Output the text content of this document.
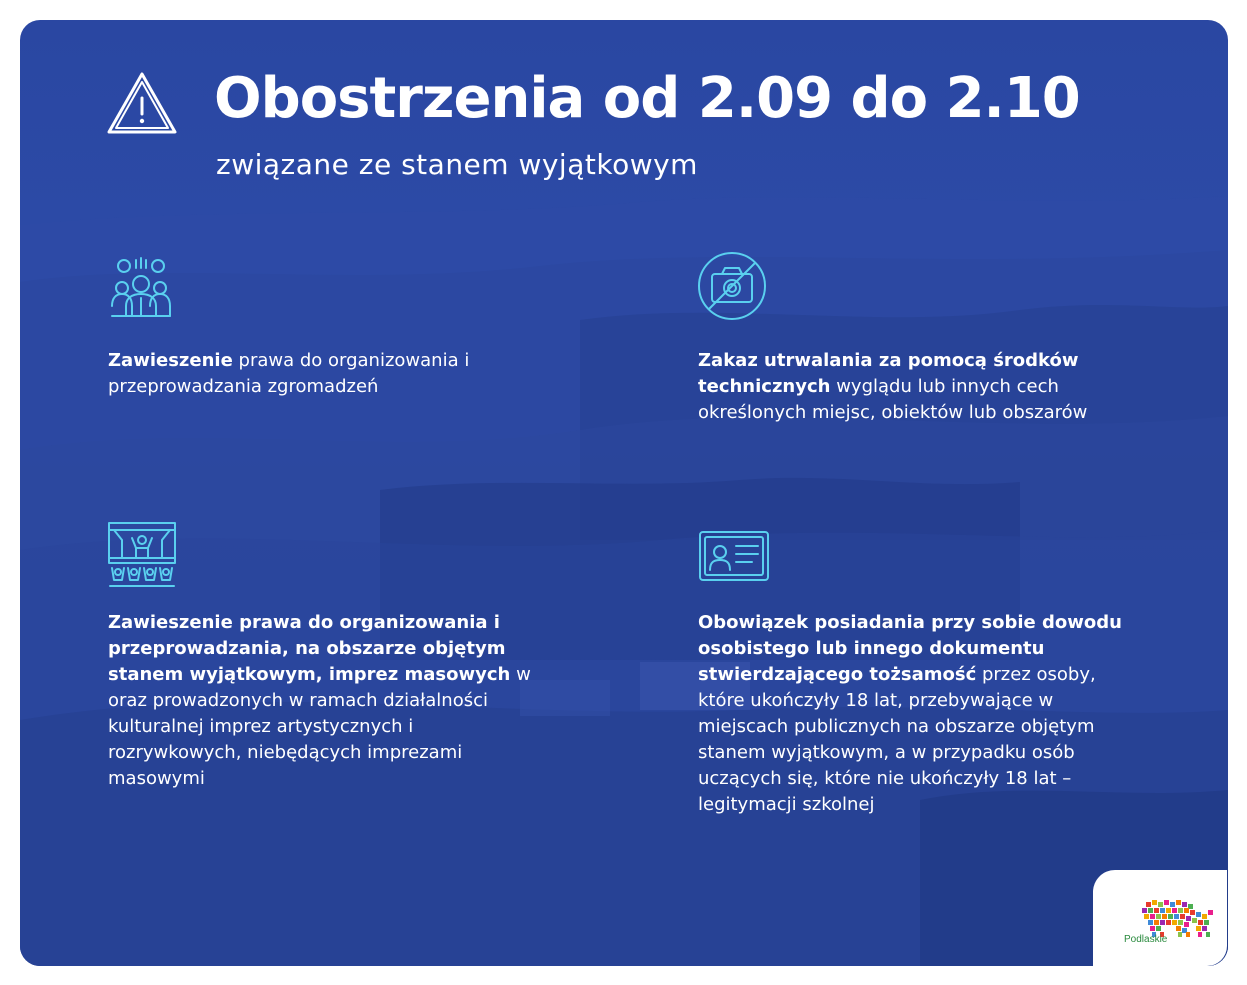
Obostrzenia od 2.09 do 2.10
związane ze stanem wyjątkowym

Zawieszenie prawa do organizowania i przeprowadzania zgromadzeń

Zakaz utrwalania za pomocą środków technicznych wyglądu lub innych cech określonych miejsc, obiektów lub obszarów

Zawieszenie prawa do organizowania i przeprowadzania, na obszarze objętym stanem wyjątkowym, imprez masowych w oraz prowadzonych w ramach działalności kulturalnej imprez artystycznych i rozrywkowych, niebędących imprezami masowymi

Obowiązek posiadania przy sobie dowodu osobistego lub innego dokumentu stwierdzającego tożsamość przez osoby, które ukończyły 18 lat, przebywające w miejscach publicznych na obszarze objętym stanem wyjątkowym, a w przypadku osób uczących się, które nie ukończyły 18 lat – legitymacji szkolnej

Podlaskie
